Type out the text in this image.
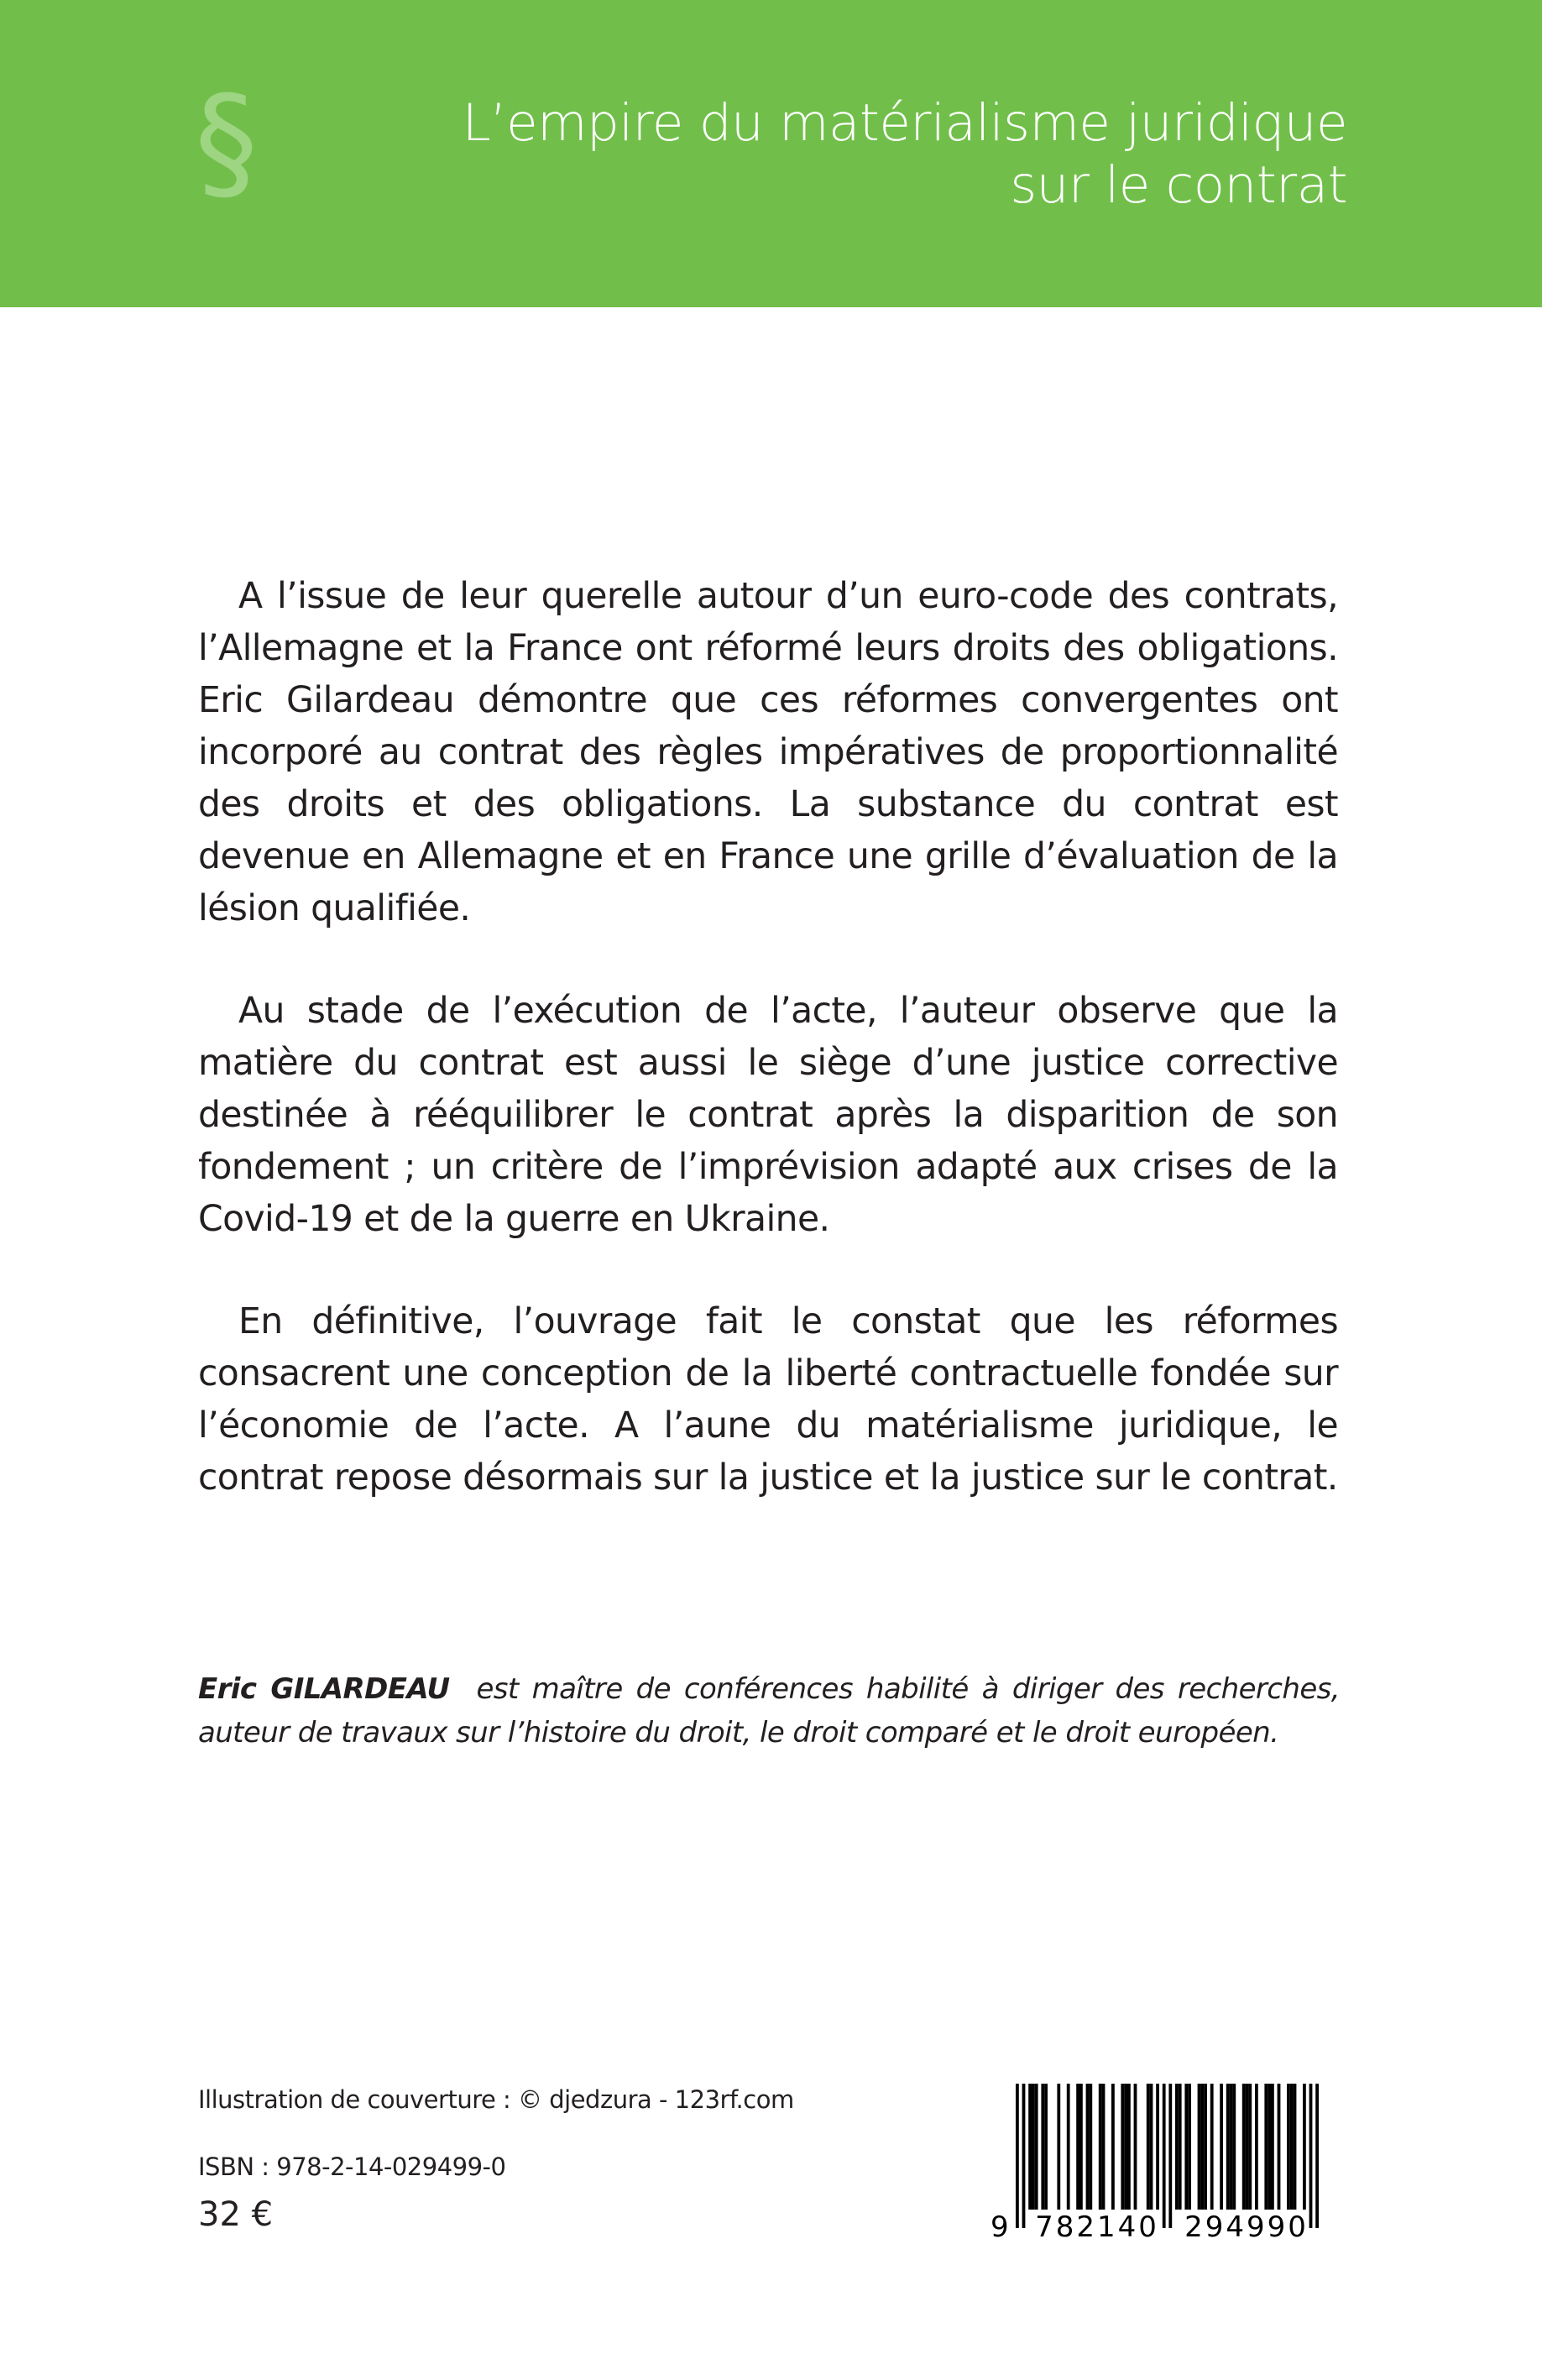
§	L’empire du matérialisme juridique
sur le contrat

A l’issue de leur querelle autour d’un euro-code des contrats, l’Allemagne et la France ont réformé leurs droits des obligations. Eric Gilardeau démontre que ces réformes convergentes ont incorporé au contrat des règles impératives de proportionnalité des droits et des obligations. La substance du contrat est devenue en Allemagne et en France une grille d’évaluation de la lésion qualifiée.

Au stade de l’exécution de l’acte, l’auteur observe que la matière du contrat est aussi le siège d’une justice corrective destinée à rééquilibrer le contrat après la disparition de son fondement ; un critère de l’imprévision adapté aux crises de la Covid-19 et de la guerre en Ukraine.

En définitive, l’ouvrage fait le constat que les réformes consacrent une conception de la liberté contractuelle fondée sur l’économie de l’acte. A l’aune du matérialisme juridique, le contrat repose désormais sur la justice et la justice sur le contrat.

Eric GILARDEAU est maître de conférences habilité à diriger des recherches, auteur de travaux sur l’histoire du droit, le droit comparé et le droit européen.
Illustration de couverture : © djedzura - 123rf.com
ISBN : 978-2-14-029499-0
32 €	9 782140 294990
